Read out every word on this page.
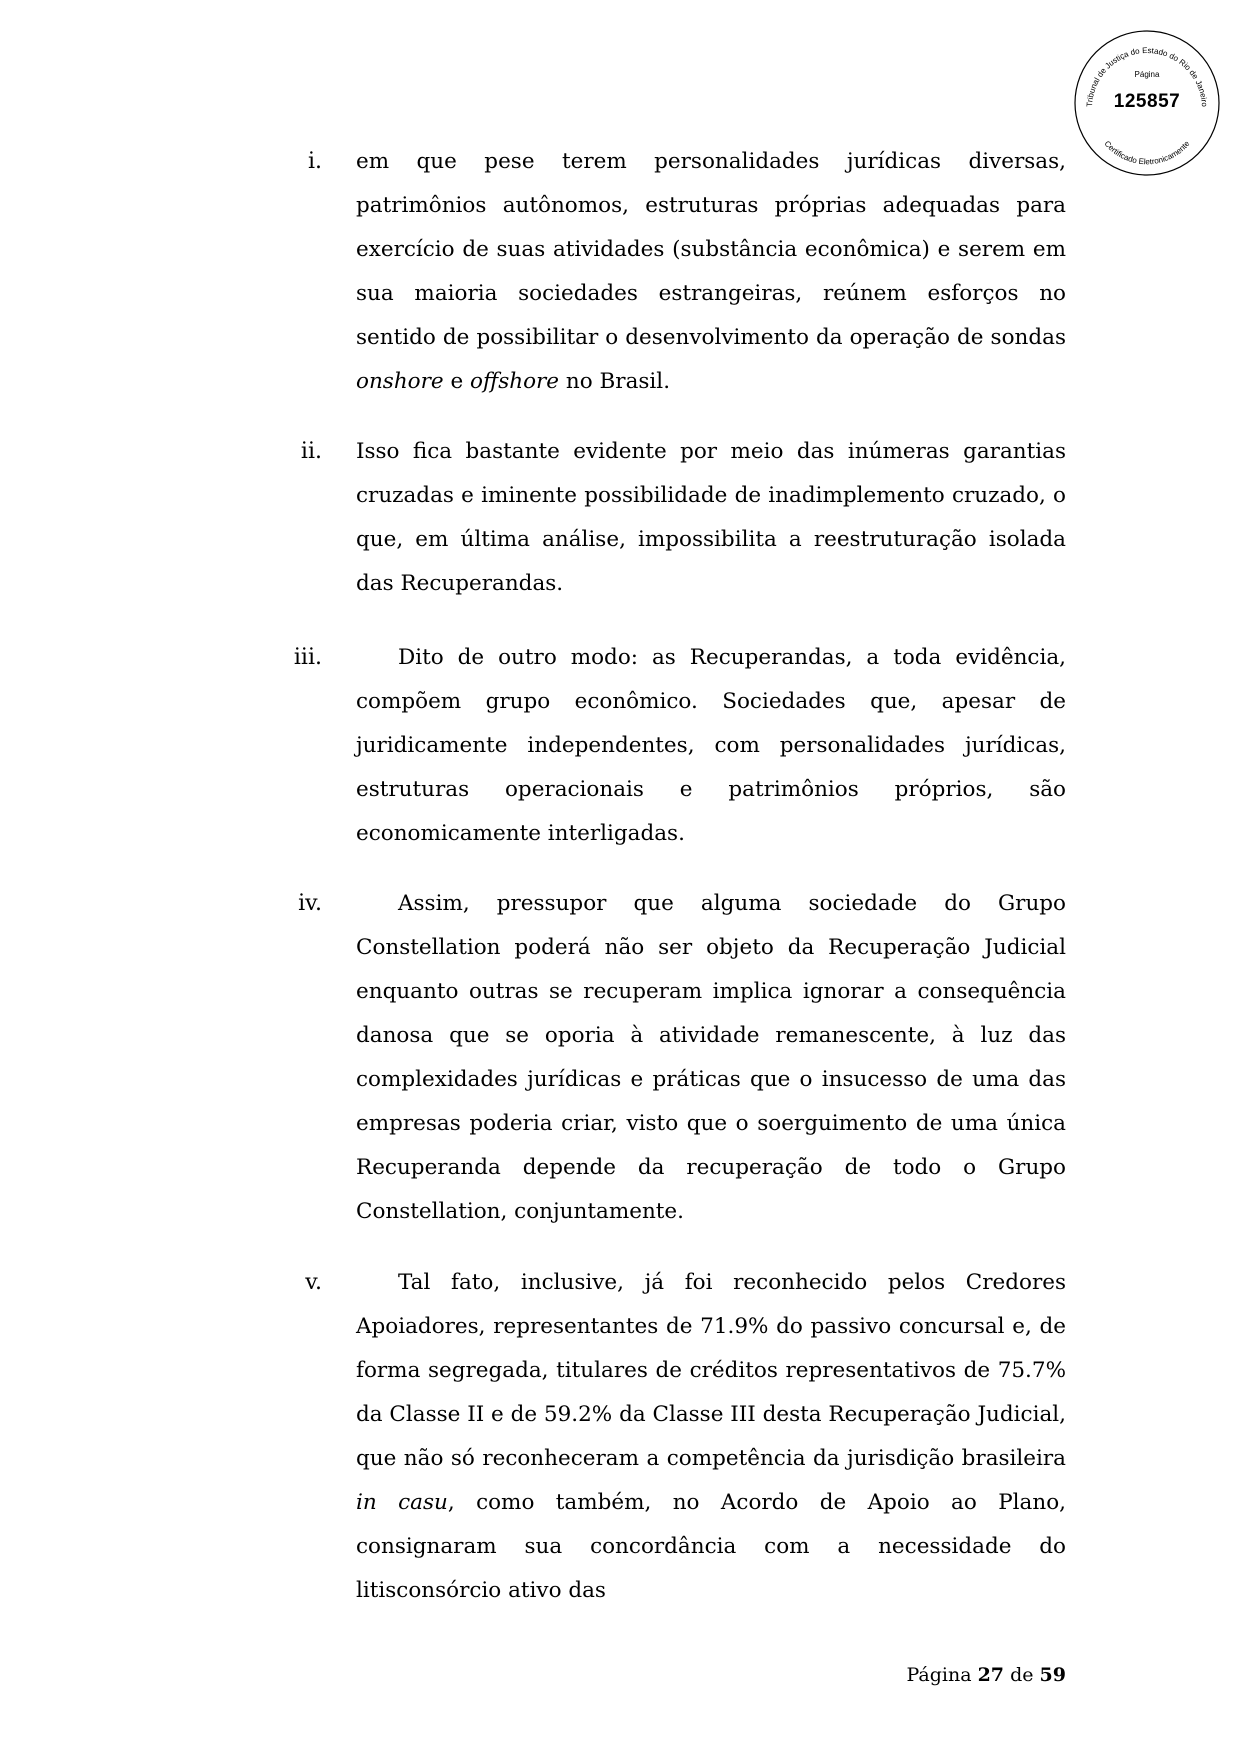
Tribunal de Justiça do Estado do Rio de Janeiro
Certificado Eletronicamente
Página
125857
i. em que pese terem personalidades jurídicas diversas, patrimônios autônomos, estruturas próprias adequadas para exercício de suas atividades (substância econômica) e serem em sua maioria sociedades estrangeiras, reúnem esforços no sentido de possibilitar o desenvolvimento da operação de sondas onshore e offshore no Brasil.

ii. Isso fica bastante evidente por meio das inúmeras garantias cruzadas e iminente possibilidade de inadimplemento cruzado, o que, em última análise, impossibilita a reestruturação isolada das Recuperandas.

iii.	Dito de outro modo: as Recuperandas, a toda evidência, compõem grupo econômico. Sociedades que, apesar de juridicamente independentes, com personalidades jurídicas, estruturas operacionais e patrimônios próprios, são economicamente interligadas.

iv.	Assim, pressupor que alguma sociedade do Grupo Constellation poderá não ser objeto da Recuperação Judicial enquanto outras se recuperam implica ignorar a consequência danosa que se oporia à atividade remanescente, à luz das complexidades jurídicas e práticas que o insucesso de uma das empresas poderia criar, visto que o soerguimento de uma única Recuperanda depende da recuperação de todo o Grupo Constellation, conjuntamente.

v.	Tal fato, inclusive, já foi reconhecido pelos Credores Apoiadores, representantes de 71.9% do passivo concursal e, de forma segregada, titulares de créditos representativos de 75.7% da Classe II e de 59.2% da Classe III desta Recuperação Judicial, que não só reconheceram a competência da jurisdição brasileira in casu, como também, no Acordo de Apoio ao Plano, consignaram sua concordância com a necessidade do litisconsórcio ativo das

Página 27 de 59
